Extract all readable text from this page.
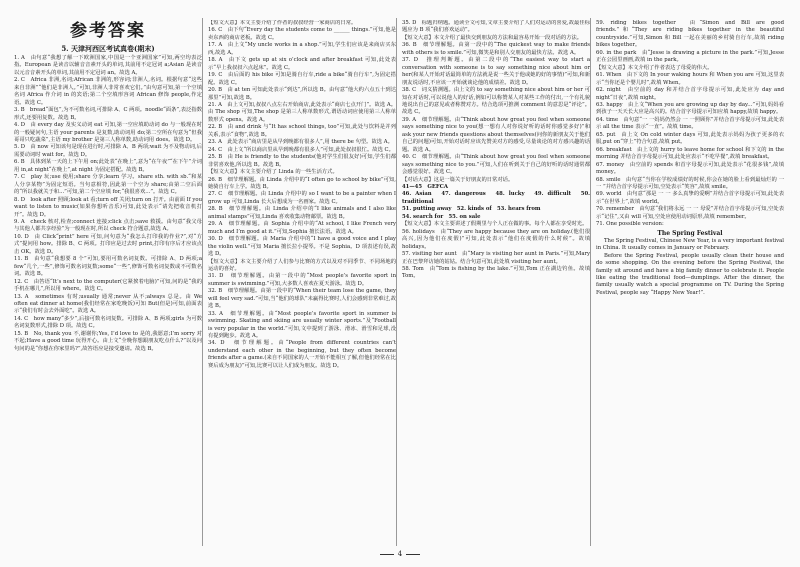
参考答案
5. 天津河西区考试真卷(期末)

1. A　由句意“我想了解一下欧洲国家,中国是一个亚洲国家”可知,两空均表泛指。European 是读音以辅音音素开头的单词,其前用不定冠词 a;Asian 是读音以元音音素开头的单词,其前用不定冠词 an。故选 A。

2. C　Africa 非洲,名词;African 非洲的,形容词;非洲人,名词。根据句意“这些来自非洲”“他们是非洲人。”可知,非洲人非常喜欢它们。”由句意可知,第一个空填名词 Africa 作介词 in 的宾语;第二个空填形容词 African 修饰 people,作定语。故选 C。

3. B　bread“面包”,为不可数名词,可排除 A、C 两项。noodle“面条”,表泛指数形式,还要用复数。故选 B。

4. D　由 every day 及实义动词 eat 可知,第一空应填助动词 do 与一般现在时的一般疑问句,主语 your parents 是复数,助动词用 do;第二空所在句意为“但我哥哥只吃蔬菜”,主语 my brother 是第三人称单数,助动词用 does。故选 D。

5. D　由 now 可知该句是现在进行时,可排除 A、B 两项;wait 为不及物动词,后需要动词时 wait for。故选 D。

6. B　具体到某一天的上下午用 on;此处表“在晚上”,意为“在午夜”“在下午”介词用 in,at night“在晚上”,at night 为固定搭配。故选 B。

7. C　play 玩;use 使用;share 分享;learn 学习。share sth. with sb.“和某人分享某物”为固定短语。当句意相符,因此第一个空为 share;由第二空后面的“所以我就关于和...”可知,第二个空应填 for,“我很喜欢...”。故选 C。

8. D　look after 照顾;look at 看;turn off 关闭;turn on 打开。由前面 If you want to listen to music(如果你想听音乐)可知,此处表示“请先把收音机打开”。故选 D。

9. A　check 核对,检查;connect 连接;click 点击;save 救援。由句意“我父母与其他人都共享经验”为一般现在时,所以 check 符合题意,故选 A。

10. D　由 Click“print” here 可知,问句意为“我怎么打印我的作业?”,对“方式”提问用 how。排除 B、C 两项。打印应是过去时 print,打印有序后才应该点击 OK。故选 D。

11. B　由句意“我想要 8 个”可知,要用可数名词复数。可排除 A、D 两项;a few“几个,一些”,修饰可数名词复数;some“一些”,修饰可数名词复数或不可数名词。故选 B。

12. C　由答语“It’s next to the computer(它紧挨着电脑)”可知,问的是“我的手机在哪儿”,所以用 where。故选 C。

13. A　sometimes 有时;usually 通常;never 从不;always 总是。由 We often eat dinner at home(我们经常在家吃晚饭)可知 But(但是)可知,前面表示“我们有时会去外面吃”。故选 A。

14. C　how many“多少”,后接可数名词复数。可排除 A、B 两项;girls 为可数名词复数形式,排除 D 项。故选 C。

15. B　No, thank you 不,谢谢你;Yes, I’d love to 是的,我愿意;I’m sorry 对不起;Have a good time 玩得开心。由上文“全晚你想跟朋友吃点什么?”以及问句问的是“你想在你家里吗?”,故答语应是接受邀请。故选 B。

【短文大意】本文主要介绍了作者的叔叔经营一家商店的日常。

16. C　由下句“Every day the students come to ______ things.”可知,他是卖东西的商店老板。故选 C。

17. A　由上文“My uncle works in a shop.”可知,学生们应该是来商店买东西,故选 A。

18. A　由下文 gets up at six o’clock and after breakfast 可知,此处表示“早上我叔叔六点起床”。故选 C。

19. C　由后面的 his bike 可知是骑自行车,ride a bike“骑自行车”,为固定搭配。故选 C。

20. B　由 at ten 可知此处表示“到达”,所以选 B。由句意“他大约六点五十到达那里”可知,故选 B。

21. A　由上文可知,叔叔八点左右开始商店,此处表示“商店七点开门”。故选 A。由 The shop 可知,The shop 是第三人称单数形式,谓语动词应使用第三人称单数形式 opens。故选 A。

22. B　由 and drink 与“It has school things, too”可知,此处与饮料是并列关系,表示“食物”,故选 B。

23. A　此处表示“商店里是从早到晚都有很多人”,用 there be 句型。故选 A。

24. C　由上文“所以商店里从早到晚都有很多人”可知,此处叔叔很忙。故选 C。

25. B　由 He is friendly to the students(他对学生们很友好)可知,学生们都非常喜欢他,所以选 B。故选 B。

【短文大意】本文主要介绍了 Linda 的一些生活方式。

26. B　细节理解题。由 Linda 介绍中的“I often go to school by bike”可知,她骑自行车上学。故选 B。

27. C　细节理解题。由 Linda 介绍中的 so I want to be a painter when I grow up 可知,Linda 长大后想成为一名画家。故选 C。

28. B　细节理解题。由 Linda 介绍中的“I like animals and I also like animal stamps”可知,Linda 喜欢收集动物邮票。故选 B。

29. A　细节理解题。由 Sophia 介绍中的“At school, I like French very much and I’m good at it.”可知,Sophia 擅长法语。故选 A。

30. D　细节理解题。由 Maria 介绍中的“I have a good voice and I play the violin well.”可知 Maria 擅长拉小提琴。不是 Sophia。D 项表述有误,故选 D。

【短文大意】本文主要介绍了人们参与比赛的方式以及对不同季节、不同场地的运动的喜好。

31. D　细节理解题。由第一段中的“Most people’s favorite sport in summer is swimming.”可知,大多数人喜欢在夏天游泳。故选 D。

32. B　细节理解题。由第一段中的“When their team lose the game, they will feel very sad.”可知,当“他们的球队”未赢得比赛时,人们会感到非常难过,故选 B。

33. A　细节理解题。由“Most people’s favorite sport in summer is swimming. Skating and skiing are usually winter sports.”及“Football is very popular in the world.”可知,文中提到了游泳、滑冰、滑雪和足球,没有提到跑步。故选 A。

34. D　细节理解题。由“People from different countries can’t understand each other in the beginning, but they often become friends after a game.(来自不同国家的人一开始不能相互了解,但他们经常在比赛后成为朋友)”可知,比赛可以让人们成为朋友。故选 D。

35. D　标题归纳题。通读全文可知,文章主要介绍了人们对运动的喜爱,故最佳标题应为 B 项“我们喜欢运动”。

【短文大意】本文介绍了最快交到朋友的方法和最容易开始一段对话的方法。

36. B　细节理解题。由第一段中的“The quickest way to make friends with others is to smile.”可知,微笑是和别人交朋友的最快方法。故选 A。

37. D　推理判断题。由第二段中的“The easiest way to start a conversation with someone is to say something nice about him or her(和某人开始对话最简单的方法就是说一些关于他或她的好的事情)”可知,和新朋友说话时,不应该一开始就谈论他的成绩差。故选 D。

38. C　词义猜测题。由上文的 to say something nice about him or her 可知在对话时,可以说他人的好话,例如可以称赞某人对某些工作的付出,一个有礼貌地说出自己的意见或者称赞对方。结合选项可推测 comment 的意思是“评论”。故选 C。

39. A　细节理解题。由“Think about how great you feel when someone says something nice to you(想一想有人对你说好听的话时你感觉多好)”和 ask your new friends questions about themselves(问你的新朋友关于他们自己的问题)可知,开始对话时应该先赞美对方的感受,尽量谈论的对方感兴趣的话题。故选 A。

40. C　细节理解题。由“Think about how great you feel when someone says something nice to you.”可知,人们在听到关于自己的好听的话时通常都会感觉很好。故选 C。

【对话大意】这是一篇关于好朋友的日常对话。

41—45　GEFCA

46. Asian　47. dangerous　48. lucky　49. difficult　50. traditional

51. putting away　52. kinds of　53. hears from

54. search for　55. on sale

【短文大意】本文主要讲述了假期里与个人正在做的事。每个人都在享受时光。

56. holidays　由“They are happy because they are on holiday.(他们很高兴,因为他们在度假)”可知,此处表示“他们在度假的什么时候”。故填 holidays。

57. visiting her aunt　由“Mary is visiting her aunt in Paris.”可知,Mary 正在巴黎拜访她的姑姑。结合句意可知,此处填 visiting her aunt。

58. Tom　由“Tom is fishing by the lake.”可知,Tom 正在湖边钓鱼。故填 Tom。

59. riding bikes together　由“Simon and Bill are good friends.”和“They are riding bikes together in the beautiful countryside.”可知,Simon 和 Bill 一起在美丽的乡村骑自行车,故填 riding bikes together。

60. in the park　由“Jesse is drawing a picture in the park.”可知,Jesse 正在公园里画画,故填 in the park。

【短文大意】本文介绍了作者表达了母爱的伟大。

61. When　由下文的 In your waking hours 和 When you are 可知,这里表示“当你还是个婴儿时”,故填 When。

62. night　由空前的 day 和并结合首字母提示可知,此处应为 day and night“日夜”,故填 night。

63. happy　由上文“When you are growing up day by day...”可知,妈妈看到孩子一天天长大应是高兴的。结合首字母提示可知应填 happy,故填 happy。

64. time　由句意“一 一妈妈仍然会 一 一照顾你”并结合首字母提示可知,此处表示 all the time 表示“一直”。故填 time。

65. put　由上文 On cold winter days 可知,此处表示妈妈为孩子更多的衣服,put on“穿上”符合句意,故填 put。

66. breakfast　由上文的 hurry to leave home for school 和下文的 in the morning 并结合首字母提示可知,此处应表示“不吃早餐”,故填 breakfast。

67. money　由空前的 spends 和首字母提示可知,此处表示“花很多钱”,故填 money。

68. smile　由句意“当你在学校成绩好的时候,你会在她的脸上看到最灿烂的 一 一 ”并结合首字母提示可知,空处表示“笑容”,故填 smile。

69. world　由句意“那是 一 一 多么真挚的爱啊”并结合首字母提示可知,此处表示“在世界上”,故填 world。

70. remember　由句意“我们将永远 一 一 母爱”并结合首字母提示可知,空处表示“记住”,又由 will 可知,空处应使用动词原形,故填 remember。

71. One possible version:

The Spring Festival

The Spring Festival, Chinese New Year, is a very important festival in China. It usually comes in January or February.

Before the Spring Festival, people usually clean their house and do some shopping. On the evening before the Spring Festival, the family sit around and have a big family dinner to celebrate it. People like eating the traditional food—dumplings. After the dinner, the family usually watch a special programme on TV. During the Spring Festival, people say “Happy New Year!”.

4
